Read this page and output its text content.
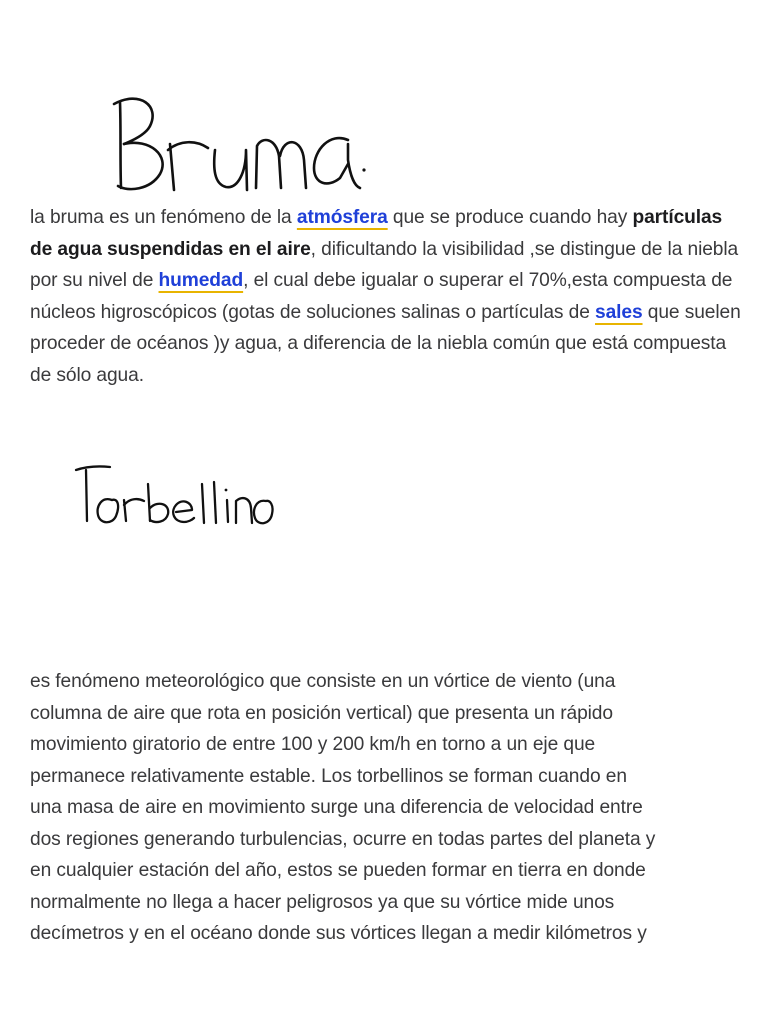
la bruma es un fenómeno de la atmósfera que se produce cuando hay partículas de agua suspendidas en el aire, dificultando la visibilidad ,se distingue de la niebla por su nivel de humedad, el cual debe igualar o superar el 70%,esta compuesta de núcleos higroscópicos (gotas de soluciones salinas o partículas de sales que suelen proceder de océanos )y agua, a diferencia de la niebla común que está compuesta de sólo agua.

es fenómeno meteorológico que consiste en un vórtice de viento (una
columna de aire que rota en posición vertical) que presenta un rápido
movimiento giratorio de entre 100 y 200 km/h en torno a un eje que
permanece relativamente estable. Los torbellinos se forman cuando en
una masa de aire en movimiento surge una diferencia de velocidad entre
dos regiones generando turbulencias, ocurre en todas partes del planeta y
en cualquier estación del año, estos se pueden formar en tierra en donde
normalmente no llega a hacer peligrosos ya que su vórtice mide unos
decímetros y en el océano donde sus vórtices llegan a medir kilómetros y
